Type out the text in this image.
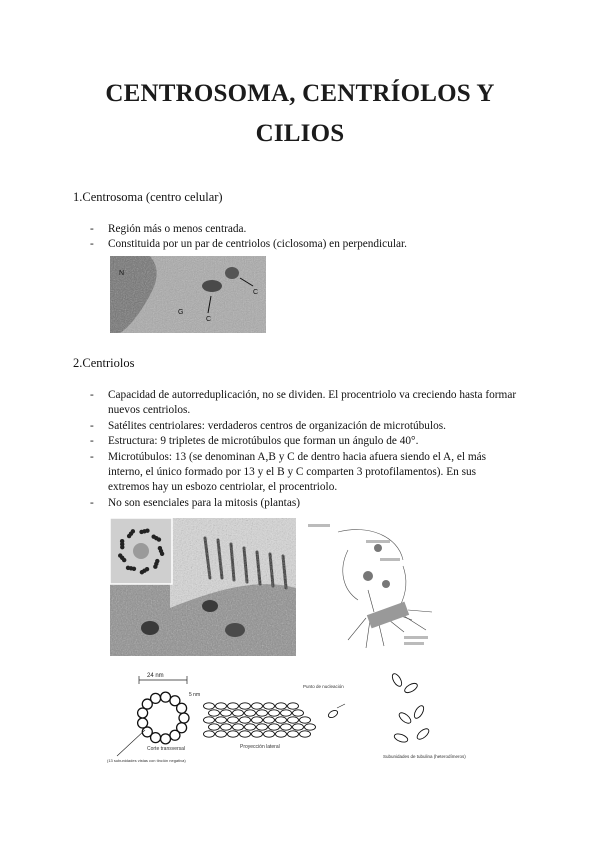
CENTROSOMA, CENTRÍOLOS Y
CILIOS
1.Centrosoma (centro celular)
- Región más o menos centrada.
- Constituida por un par de centriolos (ciclosoma) en perpendicular.
N
G
C
C
2.Centriolos
- Capacidad de autorreduplicación, no se dividen. El procentriolo va creciendo hasta formar nuevos centriolos.
- Satélites centriolares: verdaderos centros de organización de microtúbulos.
- Estructura: 9 tripletes de microtúbulos que forman un ángulo de 40°.
- Microtúbulos: 13 (se denominan A,B y C de dentro hacia afuera siendo el A, el más interno, el único formado por 13 y el B y C comparten 3 protofilamentos). En sus extremos hay un esbozo centriolar, el procentriolo.
- No son esenciales para la mitosis (plantas)
24 nm
5 nm
Corte transversal
(13 subunidades vistas con tinción negativa)
Proyección lateral
Punto de nucleación
Subunidades de tubulina (heterodímeros)
